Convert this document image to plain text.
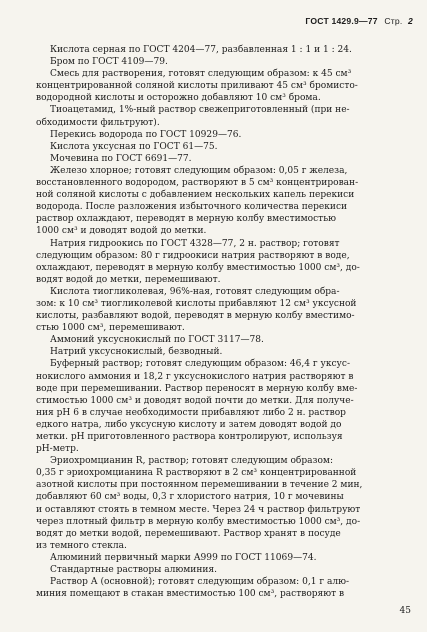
ГОСТ 1429.9—77 Стр. 2
Кислота серная по ГОСТ 4204—77, разбавленная 1 : 1 и 1 : 24.
Бром по ГОСТ 4109—79.
Смесь для растворения, готовят следующим образом: к 45 см³
концентрированной соляной кислоты приливают 45 см³ бромисто-
водородной кислоты и осторожно добавляют 10 см³ брома.
Тиоацетамид, 1%-ный раствор свежеприготовленный (при не-
обходимости фильтруют).
Перекись водорода по ГОСТ 10929—76.
Кислота уксусная по ГОСТ 61—75.
Мочевина по ГОСТ 6691—77.
Железо хлорное; готовят следующим образом: 0,05 г железа,
восстановленного водородом, растворяют в 5 см³ концентрирован-
ной соляной кислоты с добавлением нескольких капель перекиси
водорода. После разложения избыточного количества перекиси
раствор охлаждают, переводят в мерную колбу вместимостью
1000 см³ и доводят водой до метки.
Натрия гидроокись по ГОСТ 4328—77, 2 н. раствор; готовят
следующим образом: 80 г гидроокиси натрия растворяют в воде,
охлаждают, переводят в мерную колбу вместимостью 1000 см³, до-
водят водой до метки, перемешивают.
Кислота тиогликолевая, 96%-ная, готовят следующим обра-
зом: к 10 см³ тиогликолевой кислоты прибавляют 12 см³ уксусной
кислоты, разбавляют водой, переводят в мерную колбу вместимо-
стью 1000 см³, перемешивают.
Аммоний уксуснокислый по ГОСТ 3117—78.
Натрий уксуснокислый, безводный.
Буферный раствор; готовят следующим образом: 46,4 г уксус-
нокислого аммония и 18,2 г уксуснокислого натрия растворяют в
воде при перемешивании. Раствор переносят в мерную колбу вме-
стимостью 1000 см³ и доводят водой почти до метки. Для получе-
ния pH 6 в случае необходимости прибавляют либо 2 н. раствор
едкого натра, либо уксусную кислоту и затем доводят водой до
метки. pH приготовленного раствора контролируют, используя
pH-метр.
Эриохромцианин R, раствор; готовят следующим образом:
0,35 г эриохромцианина R растворяют в 2 см³ концентрированной
азотной кислоты при постоянном перемешивании в течение 2 мин,
добавляют 60 см³ воды, 0,3 г хлористого натрия, 10 г мочевины
и оставляют стоять в темном месте. Через 24 ч раствор фильтруют
через плотный фильтр в мерную колбу вместимостью 1000 см³, до-
водят до метки водой, перемешивают. Раствор хранят в посуде
из темного стекла.
Алюминий первичный марки А999 по ГОСТ 11069—74.
Стандартные растворы алюминия.
Раствор А (основной); готовят следующим образом: 0,1 г алю-
миния помещают в стакан вместимостью 100 см³, растворяют в
45
